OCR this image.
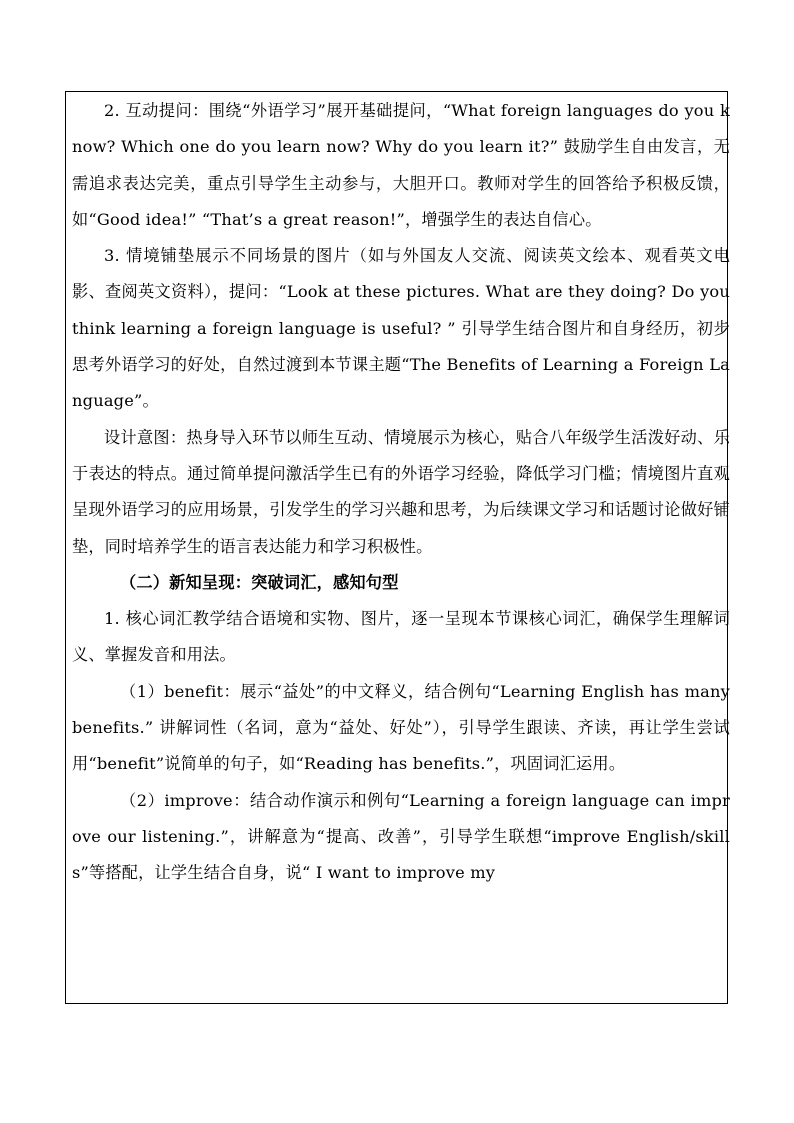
2. 互动提问：围绕“外语学习”展开基础提问，“What foreign languages do you know? Which one do you learn now? Why do you learn it?” 鼓励学生自由发言，无需追求表达完美，重点引导学生主动参与，大胆开口。教师对学生的回答给予积极反馈，如“Good idea!” “That’s a great reason!”，增强学生的表达自信心。

3. 情境铺垫展示不同场景的图片（如与外国友人交流、阅读英文绘本、观看英文电影、查阅英文资料），提问：“Look at these pictures. What are they doing? Do you think learning a foreign language is useful? ” 引导学生结合图片和自身经历，初步思考外语学习的好处，自然过渡到本节课主题“The Benefits of Learning a Foreign Language”。

设计意图：热身导入环节以师生互动、情境展示为核心，贴合八年级学生活泼好动、乐于表达的特点。通过简单提问激活学生已有的外语学习经验，降低学习门槛；情境图片直观呈现外语学习的应用场景，引发学生的学习兴趣和思考，为后续课文学习和话题讨论做好铺垫，同时培养学生的语言表达能力和学习积极性。

（二）新知呈现：突破词汇，感知句型

1. 核心词汇教学结合语境和实物、图片，逐一呈现本节课核心词汇，确保学生理解词义、掌握发音和用法。

（1）benefit：展示“益处”的中文释义，结合例句“Learning English has many benefits.” 讲解词性（名词，意为“益处、好处”），引导学生跟读、齐读，再让学生尝试用“benefit”说简单的句子，如“Reading has benefits.”，巩固词汇运用。

（2）improve：结合动作演示和例句“Learning a foreign language can improve our listening.”，讲解意为“提高、改善”，引导学生联想“improve English/skills”等搭配，让学生结合自身，说“ I want to improve my
